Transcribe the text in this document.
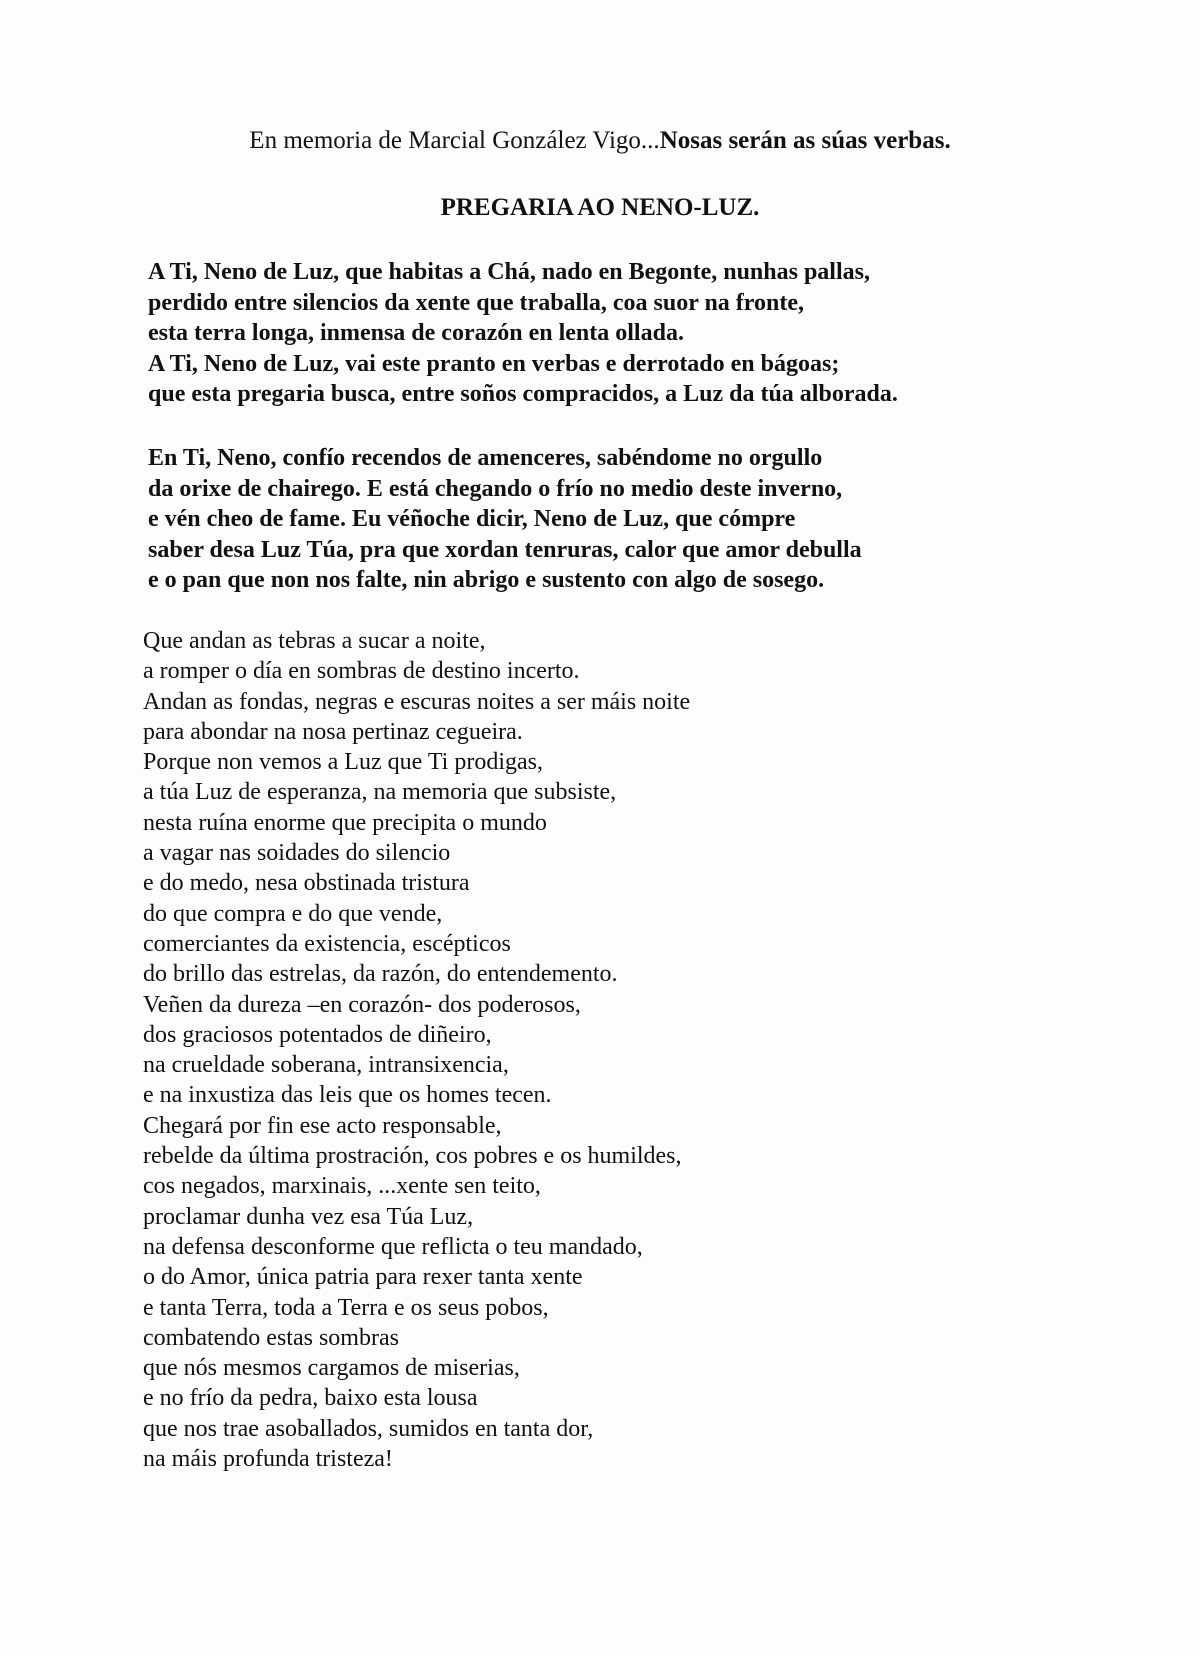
En memoria de Marcial González Vigo...Nosas serán as súas verbas.
PREGARIA AO NENO-LUZ.
A Ti, Neno de Luz, que habitas a Chá, nado en Begonte, nunhas pallas,
perdido entre silencios da xente que traballa, coa suor na fronte,
esta terra longa, inmensa de corazón en lenta ollada.
A Ti, Neno de Luz, vai este pranto en verbas e derrotado en bágoas;
que esta pregaria busca, entre soños compracidos, a Luz da túa alborada.
En Ti, Neno, confío recendos de amenceres, sabéndome no orgullo
da orixe de chairego. E está chegando o frío no medio deste inverno,
e vén cheo de fame. Eu véñoche dicir, Neno de Luz, que cómpre
saber desa Luz Túa, pra que xordan tenruras, calor que amor debulla
e o pan que non nos falte, nin abrigo e sustento con algo de sosego.
Que andan as tebras a sucar a noite,
a romper o día en sombras de destino incerto.
Andan as fondas, negras e escuras noites a ser máis noite
para abondar na nosa pertinaz cegueira.
Porque non vemos a Luz que Ti prodigas,
a túa Luz de esperanza, na memoria que subsiste,
nesta ruína enorme que precipita o mundo
a vagar nas soidades do silencio
e do medo, nesa obstinada tristura
do que compra e do que vende,
comerciantes da existencia, escépticos
do brillo das estrelas, da razón, do entendemento.
Veñen da dureza –en corazón- dos poderosos,
dos graciosos potentados de diñeiro,
na crueldade soberana, intransixencia,
e na inxustiza das leis que os homes tecen.
Chegará por fin ese acto responsable,
rebelde da última prostración, cos pobres e os humildes,
cos negados, marxinais, ...xente sen teito,
proclamar dunha vez esa Túa Luz,
na defensa desconforme que reflicta o teu mandado,
o do Amor, única patria para rexer tanta xente
e tanta Terra, toda a Terra e os seus pobos,
combatendo estas sombras
que nós mesmos cargamos de miserias,
e no frío da pedra, baixo esta lousa
que nos trae asoballados, sumidos en tanta dor,
na máis profunda tristeza!
